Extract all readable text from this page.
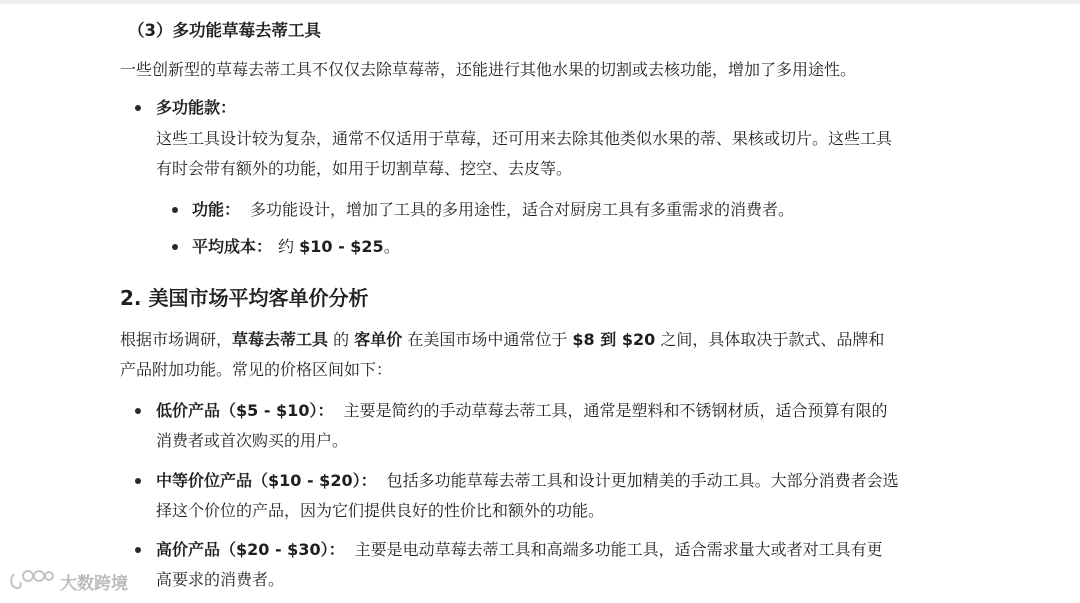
（3）多功能草莓去蒂工具
一些创新型的草莓去蒂工具不仅仅去除草莓蒂，还能进行其他水果的切割或去核功能，增加了多用途性。
多功能款：
这些工具设计较为复杂，通常不仅适用于草莓，还可用来去除其他类似水果的蒂、果核或切片。这些工具
有时会带有额外的功能，如用于切割草莓、挖空、去皮等。
功能： 多功能设计，增加了工具的多用途性，适合对厨房工具有多重需求的消费者。
平均成本： 约 $10 - $25。
2. 美国市场平均客单价分析
根据市场调研，草莓去蒂工具 的 客单价 在美国市场中通常位于 $8 到 $20 之间，具体取决于款式、品牌和
产品附加功能。常见的价格区间如下：
低价产品（$5 - $10）： 主要是简约的手动草莓去蒂工具，通常是塑料和不锈钢材质，适合预算有限的
消费者或首次购买的用户。
中等价位产品（$10 - $20）： 包括多功能草莓去蒂工具和设计更加精美的手动工具。大部分消费者会选
择这个价位的产品，因为它们提供良好的性价比和额外的功能。
高价产品（$20 - $30）： 主要是电动草莓去蒂工具和高端多功能工具，适合需求量大或者对工具有更
高要求的消费者。
大数跨境
